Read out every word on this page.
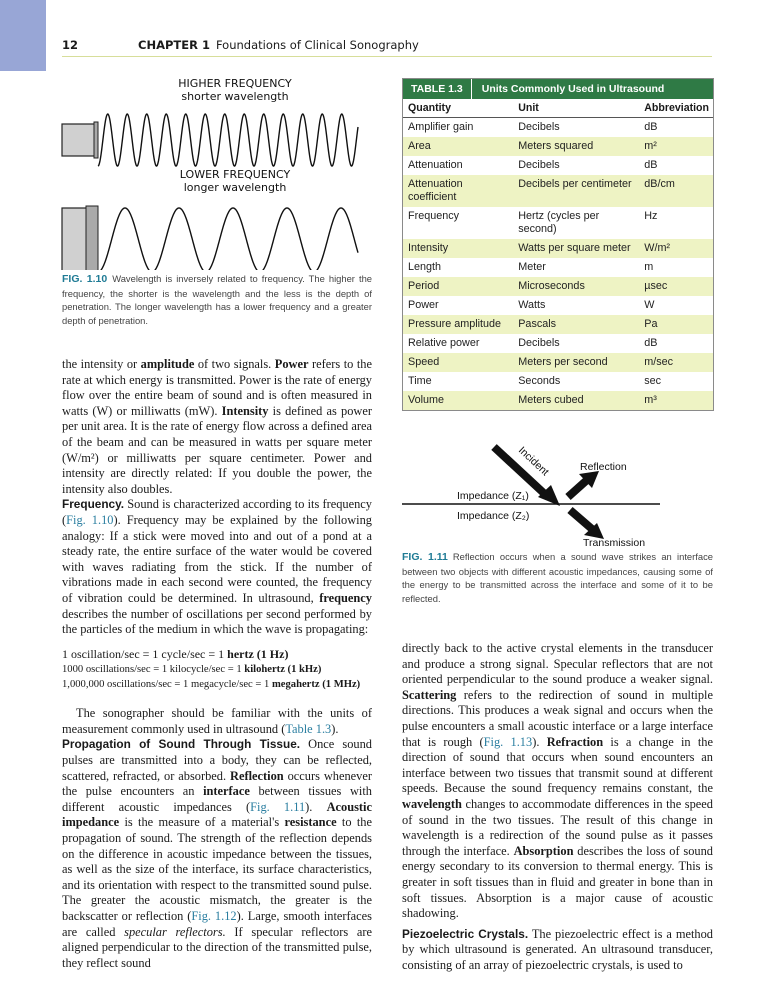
12	CHAPTER 1 Foundations of Clinical Sonography
HIGHER FREQUENCY
shorter wavelength
LOWER FREQUENCY
longer wavelength
FIG. 1.10 Wavelength is inversely related to frequency. The higher the frequency, the shorter is the wavelength and the less is the depth of penetration. The longer wavelength has a lower frequency and a greater depth of penetration.
TABLE 1.3	Units Commonly Used in Ultrasound
Quantity	Unit	Abbreviation
Amplifier gain	Decibels	dB
Area	Meters squared	m²
Attenuation	Decibels	dB
Attenuation coefficient	Decibels per centimeter	dB/cm
Frequency	Hertz (cycles per second)	Hz
Intensity	Watts per square meter	W/m²
Length	Meter	m
Period	Microseconds	µsec
Power	Watts	W
Pressure amplitude	Pascals	Pa
Relative power	Decibels	dB
Speed	Meters per second	m/sec
Time	Seconds	sec
Volume	Meters cubed	m³
Incident	Reflection
Impedance (Z₁)
Impedance (Z₂)
Transmission
FIG. 1.11 Reflection occurs when a sound wave strikes an interface between two objects with different acoustic impedances, causing some of the energy to be transmitted across the interface and some of it to be reflected.

the intensity or amplitude of two signals. Power refers to the rate at which energy is transmitted. Power is the rate of energy flow over the entire beam of sound and is often measured in watts (W) or milliwatts (mW). Intensity is defined as power per unit area. It is the rate of energy flow across a defined area of the beam and can be measured in watts per square meter (W/m²) or milliwatts per square centimeter. Power and intensity are directly related: If you double the power, the intensity also doubles.

Frequency. Sound is characterized according to its frequency (Fig. 1.10). Frequency may be explained by the following analogy: If a stick were moved into and out of a pond at a steady rate, the entire surface of the water would be covered with waves radiating from the stick. If the number of vibrations made in each second were counted, the frequency of vibration could be determined. In ultrasound, frequency describes the number of oscillations per second performed by the particles of the medium in which the wave is propagating:

1 oscillation/sec = 1 cycle/sec = 1 hertz (1 Hz)
1000 oscillations/sec = 1 kilocycle/sec = 1 kilohertz (1 kHz)
1,000,000 oscillations/sec = 1 megacycle/sec = 1 megahertz (1 MHz)

The sonographer should be familiar with the units of measurement commonly used in ultrasound (Table 1.3).

Propagation of Sound Through Tissue. Once sound pulses are transmitted into a body, they can be reflected, scattered, refracted, or absorbed. Reflection occurs whenever the pulse encounters an interface between tissues with different acoustic impedances (Fig. 1.11). Acoustic impedance is the measure of a material's resistance to the propagation of sound. The strength of the reflection depends on the difference in acoustic impedance between the tissues, as well as the size of the interface, its surface characteristics, and its orientation with respect to the transmitted sound pulse. The greater the acoustic mismatch, the greater is the backscatter or reflection (Fig. 1.12). Large, smooth interfaces are called specular reflectors. If specular reflectors are aligned perpendicular to the direction of the transmitted pulse, they reflect sound

directly back to the active crystal elements in the transducer and produce a strong signal. Specular reflectors that are not oriented perpendicular to the sound produce a weaker signal. Scattering refers to the redirection of sound in multiple directions. This produces a weak signal and occurs when the pulse encounters a small acoustic interface or a large interface that is rough (Fig. 1.13). Refraction is a change in the direction of sound that occurs when sound encounters an interface between two tissues that transmit sound at different speeds. Because the sound frequency remains constant, the wavelength changes to accommodate differences in the speed of sound in the two tissues. The result of this change in wavelength is a redirection of the sound pulse as it passes through the interface. Absorption describes the loss of sound energy secondary to its conversion to thermal energy. This is greater in soft tissues than in fluid and greater in bone than in soft tissues. Absorption is a major cause of acoustic shadowing.

Piezoelectric Crystals. The piezoelectric effect is a method by which ultrasound is generated. An ultrasound transducer, consisting of an array of piezoelectric crystals, is used to
